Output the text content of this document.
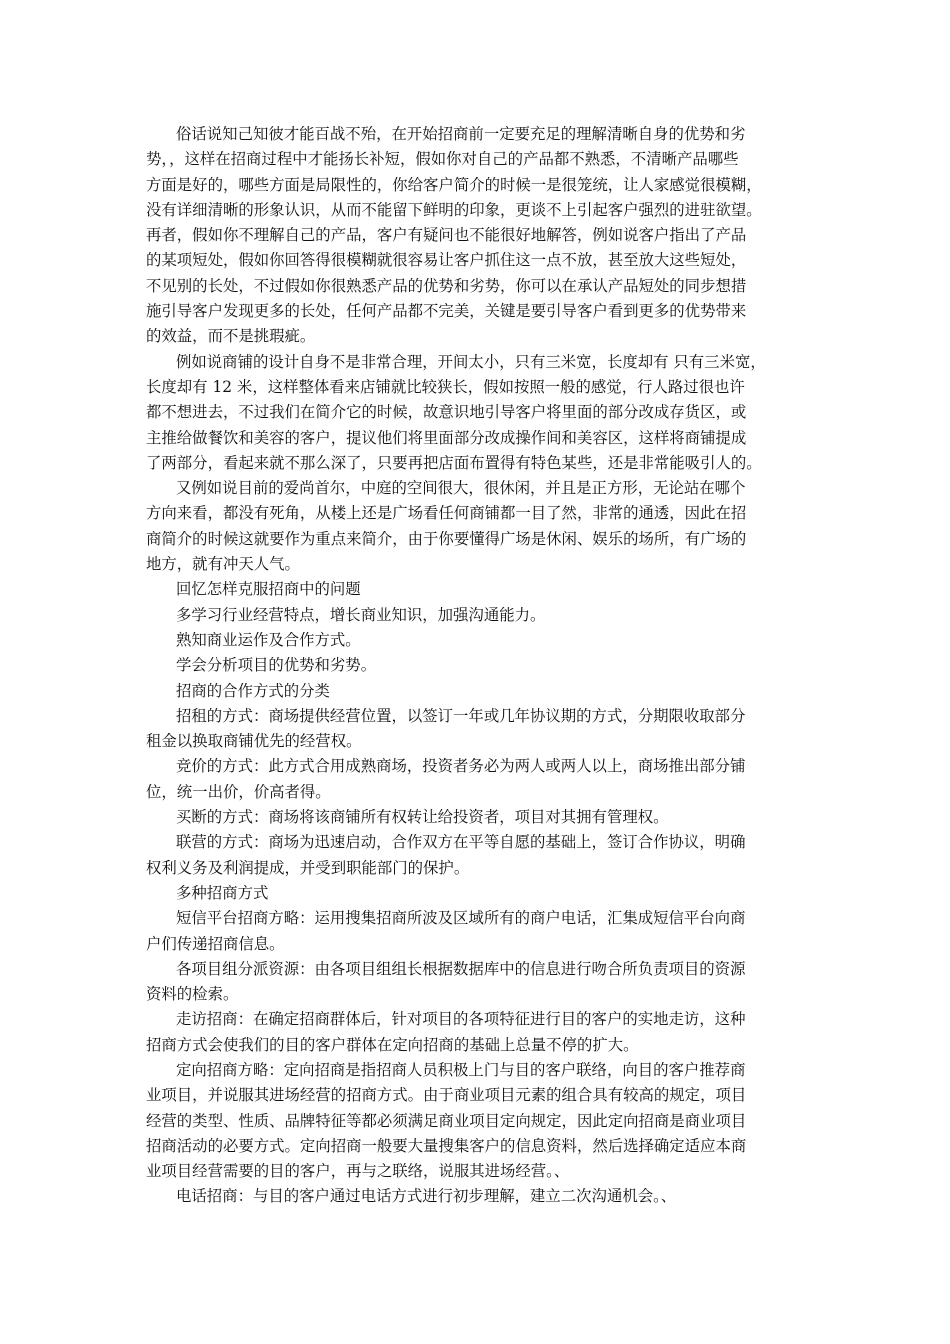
俗话说知己知彼才能百战不殆，在开始招商前一定要充足的理解清晰自身的优势和劣
势，，这样在招商过程中才能扬长补短，假如你对自己的产品都不熟悉，不清晰产品哪些
方面是好的，哪些方面是局限性的，你给客户简介的时候一是很笼统，让人家感觉很模糊，
没有详细清晰的形象认识，从而不能留下鲜明的印象，更谈不上引起客户强烈的进驻欲望。
再者，假如你不理解自己的产品，客户有疑问也不能很好地解答，例如说客户指出了产品
的某项短处，假如你回答得很模糊就很容易让客户抓住这一点不放，甚至放大这些短处，
不见别的长处，不过假如你很熟悉产品的优势和劣势，你可以在承认产品短处的同步想措
施引导客户发现更多的长处，任何产品都不完美，关键是要引导客户看到更多的优势带来
的效益，而不是挑瑕疵。
例如说商铺的设计自身不是非常合理，开间太小，只有三米宽，长度却有 只有三米宽，
长度却有 12 米，这样整体看来店铺就比较狭长，假如按照一般的感觉，行人路过很也许
都不想进去，不过我们在简介它的时候，故意识地引导客户将里面的部分改成存货区，或
主推给做餐饮和美容的客户，提议他们将里面部分改成操作间和美容区，这样将商铺提成
了两部分，看起来就不那么深了，只要再把店面布置得有特色某些，还是非常能吸引人的。
又例如说目前的爱尚首尔，中庭的空间很大，很休闲，并且是正方形，无论站在哪个
方向来看，都没有死角，从楼上还是广场看任何商铺都一目了然，非常的通透，因此在招
商简介的时候这就要作为重点来简介，由于你要懂得广场是休闲、娱乐的场所，有广场的
地方，就有冲天人气。
回忆怎样克服招商中的问题
多学习行业经营特点，增长商业知识，加强沟通能力。
熟知商业运作及合作方式。
学会分析项目的优势和劣势。
招商的合作方式的分类
招租的方式：商场提供经营位置，以签订一年或几年协议期的方式，分期限收取部分
租金以换取商铺优先的经营权。
竞价的方式：此方式合用成熟商场，投资者务必为两人或两人以上，商场推出部分铺
位，统一出价，价高者得。
买断的方式：商场将该商铺所有权转让给投资者，项目对其拥有管理权。
联营的方式：商场为迅速启动，合作双方在平等自愿的基础上，签订合作协议，明确
权利义务及利润提成，并受到职能部门的保护。
多种招商方式
短信平台招商方略：运用搜集招商所波及区域所有的商户电话，汇集成短信平台向商
户们传递招商信息。
各项目组分派资源：由各项目组组长根据数据库中的信息进行吻合所负责项目的资源
资料的检索。
走访招商：在确定招商群体后，针对项目的各项特征进行目的客户的实地走访，这种
招商方式会使我们的目的客户群体在定向招商的基础上总量不停的扩大。
定向招商方略：定向招商是指招商人员积极上门与目的客户联络，向目的客户推荐商
业项目，并说服其进场经营的招商方式。由于商业项目元素的组合具有较高的规定，项目
经营的类型、性质、品牌特征等都必须满足商业项目定向规定，因此定向招商是商业项目
招商活动的必要方式。定向招商一般要大量搜集客户的信息资料，然后选择确定适应本商
业项目经营需要的目的客户，再与之联络，说服其进场经营。、
电话招商：与目的客户通过电话方式进行初步理解，建立二次沟通机会。、
